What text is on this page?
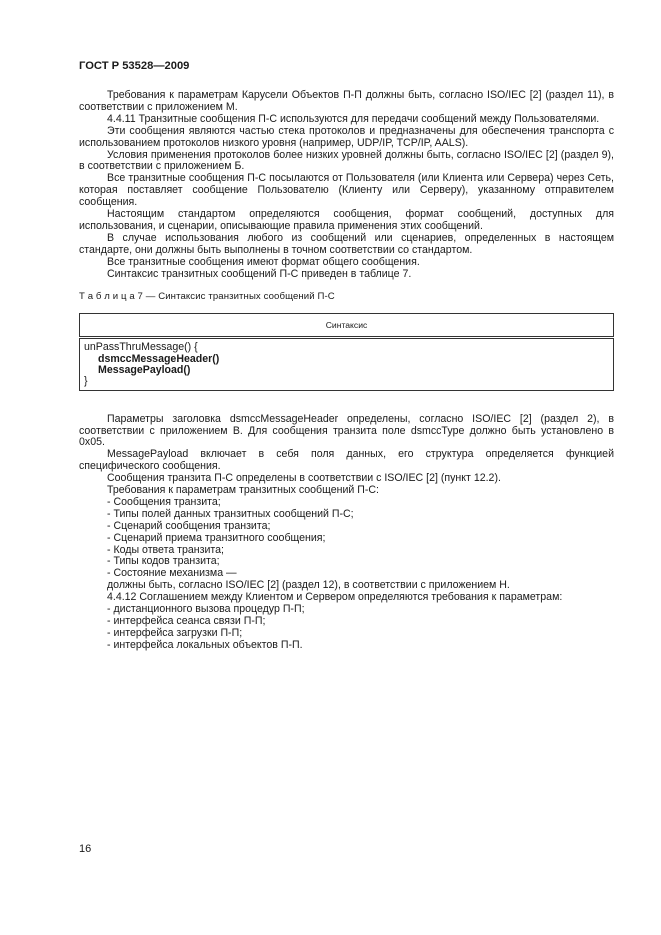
ГОСТ Р 53528—2009

Требования к параметрам Карусели Объектов П-П должны быть, согласно ISO/IEC [2] (раздел 11), в соответствии с приложением М.

4.4.11 Транзитные сообщения П-С используются для передачи сообщений между Пользователями.

Эти сообщения являются частью стека протоколов и предназначены для обеспечения транспорта с использованием протоколов низкого уровня (например, UDP/IP, TCP/IP, AALS).

Условия применения протоколов более низких уровней должны быть, согласно ISO/IEC [2] (раздел 9), в соответствии с приложением Б.

Все транзитные сообщения П-С посылаются от Пользователя (или Клиента или Сервера) через Сеть, которая поставляет сообщение Пользователю (Клиенту или Серверу), указанному отправителем сообщения.

Настоящим стандартом определяются сообщения, формат сообщений, доступных для использования, и сценарии, описывающие правила применения этих сообщений.

В случае использования любого из сообщений или сценариев, определенных в настоящем стандарте, они должны быть выполнены в точном соответствии со стандартом.

Все транзитные сообщения имеют формат общего сообщения.

Синтаксис транзитных сообщений П-С приведен в таблице 7.

Т а б л и ц а 7 — Синтаксис транзитных сообщений П-С
Синтаксис

unPassThruMessage() {
dsmccMessageHeader()
MessagePayload()
}

Параметры заголовка dsmccMessageHeader определены, согласно ISO/IEC [2] (раздел 2), в соответствии с приложением В. Для сообщения транзита поле dsmccType должно быть установлено в 0x05.

MessagePayload включает в себя поля данных, его структура определяется функцией специфического сообщения.

Сообщения транзита П-С определены в соответствии с ISO/IEC [2] (пункт 12.2).

Требования к параметрам транзитных сообщений П-С:

- Сообщения транзита;

- Типы полей данных транзитных сообщений П-С;

- Сценарий сообщения транзита;

- Сценарий приема транзитного сообщения;

- Коды ответа транзита;

- Типы кодов транзита;

- Состояние механизма —

должны быть, согласно ISO/IEC [2] (раздел 12), в соответствии с приложением Н.

4.4.12 Соглашением между Клиентом и Сервером определяются требования к параметрам:

- дистанционного вызова процедур П-П;

- интерфейса сеанса связи П-П;

- интерфейса загрузки П-П;

- интерфейса локальных объектов П-П.

16
